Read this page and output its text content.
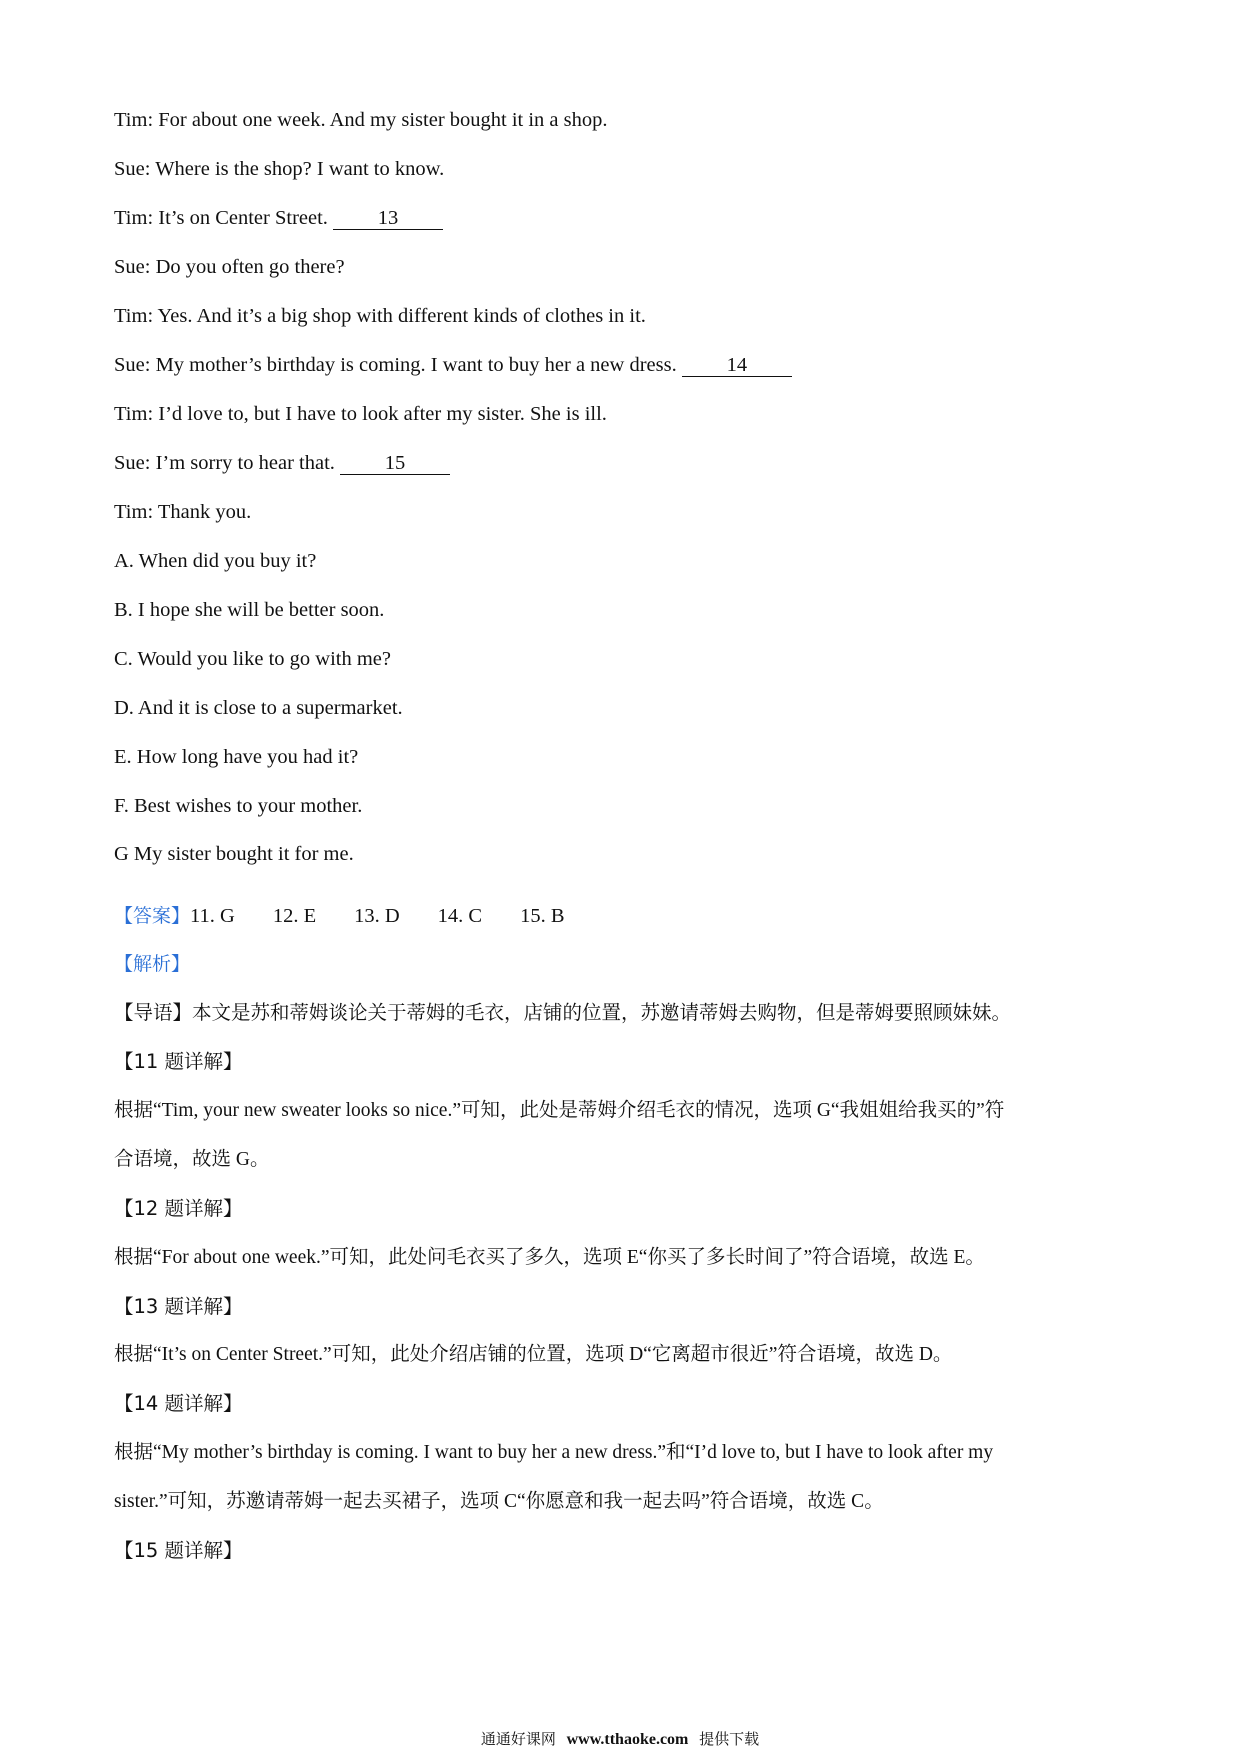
Tim: For about one week. And my sister bought it in a shop.
Sue: Where is the shop? I want to know.
Tim: It’s on Center Street. 13
Sue: Do you often go there?
Tim: Yes. And it’s a big shop with different kinds of clothes in it.
Sue: My mother’s birthday is coming. I want to buy her a new dress. 14
Tim: I’d love to, but I have to look after my sister. She is ill.
Sue: I’m sorry to hear that. 15
Tim: Thank you.
A. When did you buy it?
B. I hope she will be better soon.
C. Would you like to go with me?
D. And it is close to a supermarket.
E. How long have you had it?
F. Best wishes to your mother.
G My sister bought it for me.
【答案】11. G 12. E 13. D 14. C 15. B
【解析】
【导语】本文是苏和蒂姆谈论关于蒂姆的毛衣，店铺的位置，苏邀请蒂姆去购物，但是蒂姆要照顾妹妹。
【11 题详解】
根据“Tim, your new sweater looks so nice.”可知，此处是蒂姆介绍毛衣的情况，选项 G“我姐姐给我买的”符
合语境，故选 G。
【12 题详解】
根据“For about one week.”可知，此处问毛衣买了多久，选项 E“你买了多长时间了”符合语境，故选 E。
【13 题详解】
根据“It’s on Center Street.”可知，此处介绍店铺的位置，选项 D“它离超市很近”符合语境，故选 D。
【14 题详解】
根据“My mother’s birthday is coming. I want to buy her a new dress.”和“I’d love to, but I have to look after my
sister.”可知，苏邀请蒂姆一起去买裙子，选项 C“你愿意和我一起去吗”符合语境，故选 C。
【15 题详解】
通通好课网 www.tthaoke.com 提供下载
